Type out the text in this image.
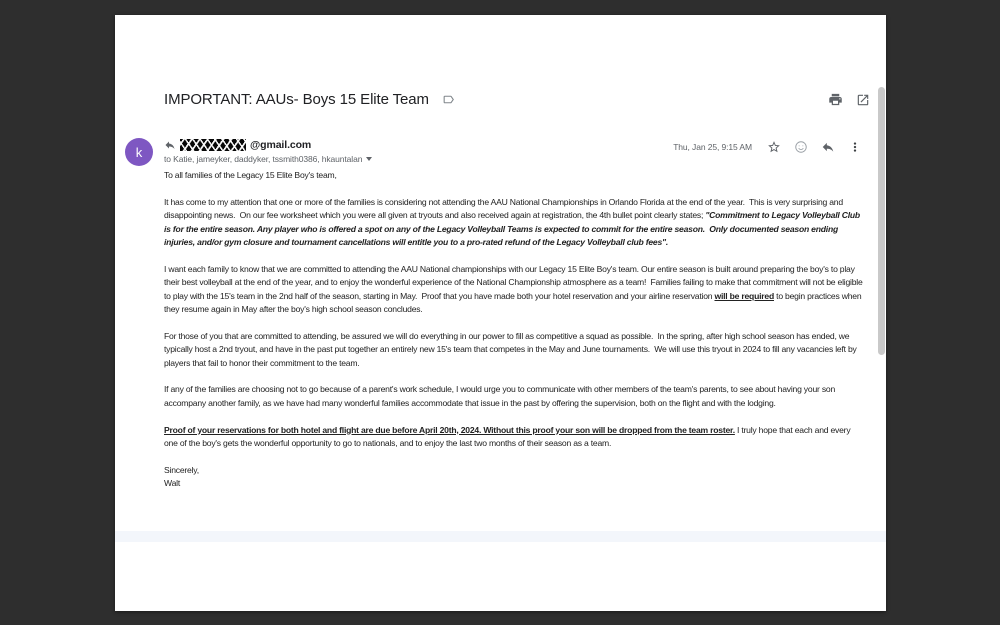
IMPORTANT: AAUs- Boys 15 Elite Team
k	@gmail.com
to Katie, jameyker, daddyker, tssmith0386, hkauntalan
Thu, Jan 25, 9:15 AM

To all families of the Legacy 15 Elite Boy's team,

It has come to my attention that one or more of the families is considering not attending the AAU National Championships in Orlando Florida at the end of the year.  This is very surprising and disappointing news.  On our fee worksheet which you were all given at tryouts and also received again at registration, the 4th bullet point clearly states; "Commitment to Legacy Volleyball Club is for the entire season. Any player who is offered a spot on any of the Legacy Volleyball Teams is expected to commit for the entire season.  Only documented season ending injuries, and/or gym closure and tournament cancellations will entitle you to a pro-rated refund of the Legacy Volleyball club fees".

I want each family to know that we are committed to attending the AAU National championships with our Legacy 15 Elite Boy's team. Our entire season is built around preparing the boy's to play their best volleyball at the end of the year, and to enjoy the wonderful experience of the National Championship atmosphere as a team!  Families failing to make that commitment will not be eligible to play with the 15's team in the 2nd half of the season, starting in May.  Proof that you have made both your hotel reservation and your airline reservation will be required to begin practices when they resume again in May after the boy's high school season concludes.

For those of you that are committed to attending, be assured we will do everything in our power to fill as competitive a squad as possible.  In the spring, after high school season has ended, we typically host a 2nd tryout, and have in the past put together an entirely new 15's team that competes in the May and June tournaments.  We will use this tryout in 2024 to fill any vacancies left by players that fail to honor their commitment to the team.

If any of the families are choosing not to go because of a parent's work schedule, I would urge you to communicate with other members of the team's parents, to see about having your son accompany another family, as we have had many wonderful families accommodate that issue in the past by offering the supervision, both on the flight and with the lodging.

Proof of your reservations for both hotel and flight are due before April 20th, 2024. Without this proof your son will be dropped from the team roster. I truly hope that each and every one of the boy's gets the wonderful opportunity to go to nationals, and to enjoy the last two months of their season as a team.

Sincerely,

Walt
